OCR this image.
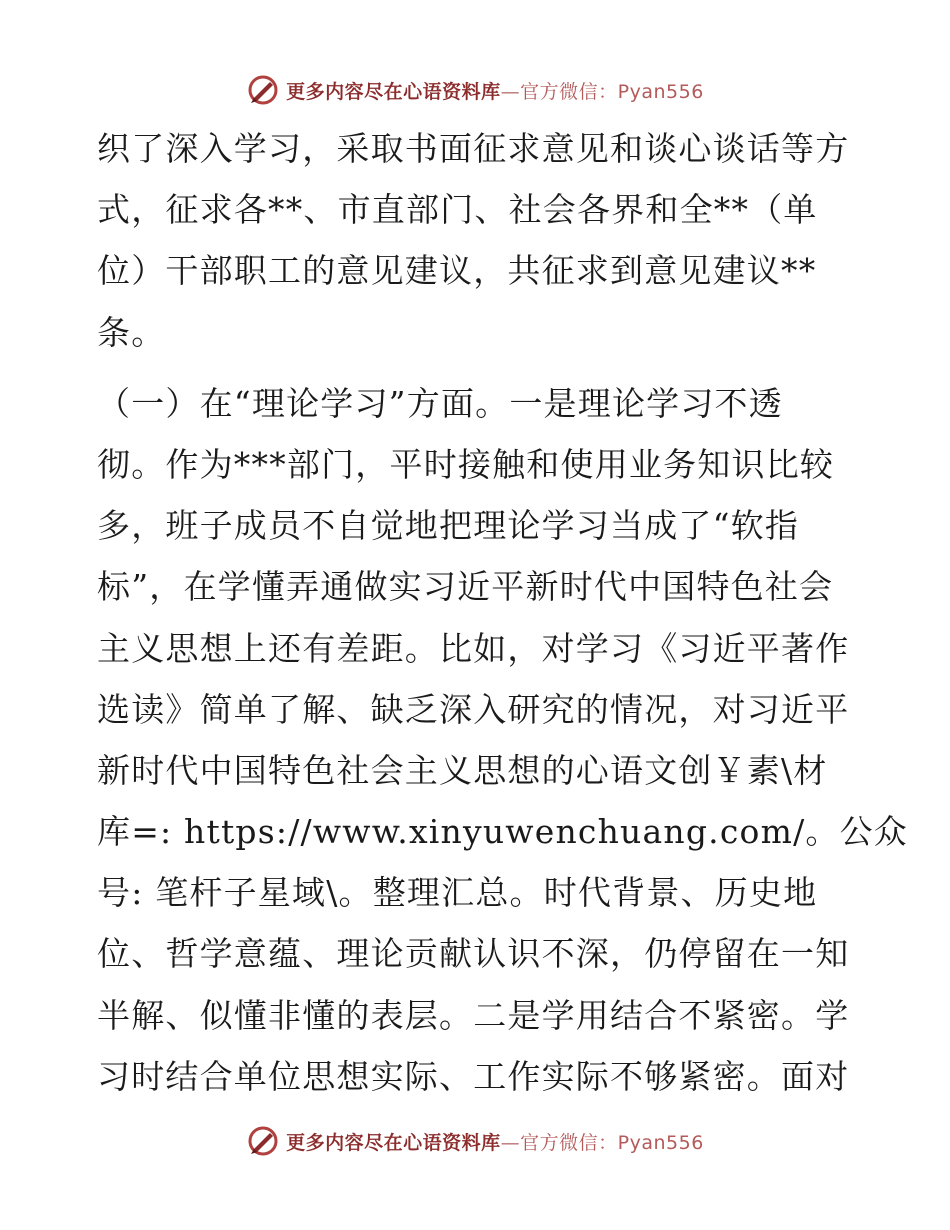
更多内容尽在心语资料库—官方微信：Pyan556
织了深入学习，采取书面征求意见和谈心谈话等方
式，征求各**、市直部门、社会各界和全**（单
位）干部职工的意见建议，共征求到意见建议**
条。
（一）在“理论学习”方面。一是理论学习不透
彻。作为***部门，平时接触和使用业务知识比较
多，班子成员不自觉地把理论学习当成了“软指
标”，在学懂弄通做实习近平新时代中国特色社会
主义思想上还有差距。比如，对学习《习近平著作
选读》简单了解、缺乏深入研究的情况，对习近平
新时代中国特色社会主义思想的心语文创￥素\材
库=: https://www.xinyuwenchuang.com/。公众
号: 笔杆子星域\。整理汇总。时代背景、历史地
位、哲学意蕴、理论贡献认识不深，仍停留在一知
半解、似懂非懂的表层。二是学用结合不紧密。学
习时结合单位思想实际、工作实际不够紧密。面对
更多内容尽在心语资料库—官方微信：Pyan556
